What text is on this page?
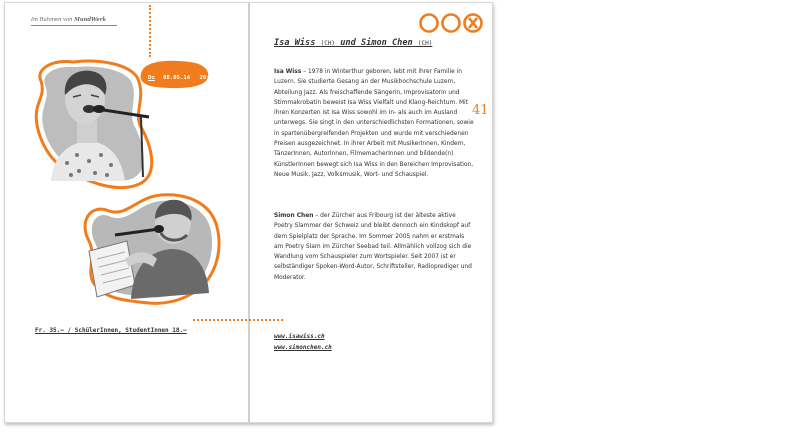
Im Rahmen von MundWerk
Do 08.05.14 20:15
Fr. 35.– / SchülerInnen, StudentInnen 18.–
Isa Wiss (CH) und Simon Chen (CH)
41

Isa Wiss – 1978 in Winterthur geboren, lebt mit ihrer Familie in Luzern. Sie studierte Gesang an der Musikhochschule Luzern, Abteilung Jazz. Als freischaffende Sängerin, Improvisatorin und Stimmakrobatin beweist Isa Wiss Vielfalt und Klang-Reichtum. Mit ihren Konzerten ist Isa Wiss sowohl im In- als auch im Ausland unterwegs. Sie singt in den unterschiedlichsten Formationen, sowie in spartenübergreifenden Projekten und wurde mit verschiedenen Preisen ausgezeichnet. In ihrer Arbeit mit MusikerInnen, Kindern, TänzerInnen, AutorInnen, FilmemacherInnen und bildende(n) KünstlerInnen bewegt sich Isa Wiss in den Bereichen Improvisation, Neue Musik, Jazz, Volksmusik, Wort- und Schauspiel.

Simon Chen – der Zürcher aus Fribourg ist der älteste aktive Poetry Slammer der Schweiz und bleibt dennoch ein Kindskopf auf dem Spielplatz der Sprache. Im Sommer 2005 nahm er erstmals am Poetry Slam im Zürcher Seebad teil. Allmählich vollzog sich die Wandlung vom Schauspieler zum Wortspieler. Seit 2007 ist er selbständiger Spoken-Word-Autor, Schriftsteller, Radioprediger und Moderator.

www.isawiss.ch
www.simonchen.ch
